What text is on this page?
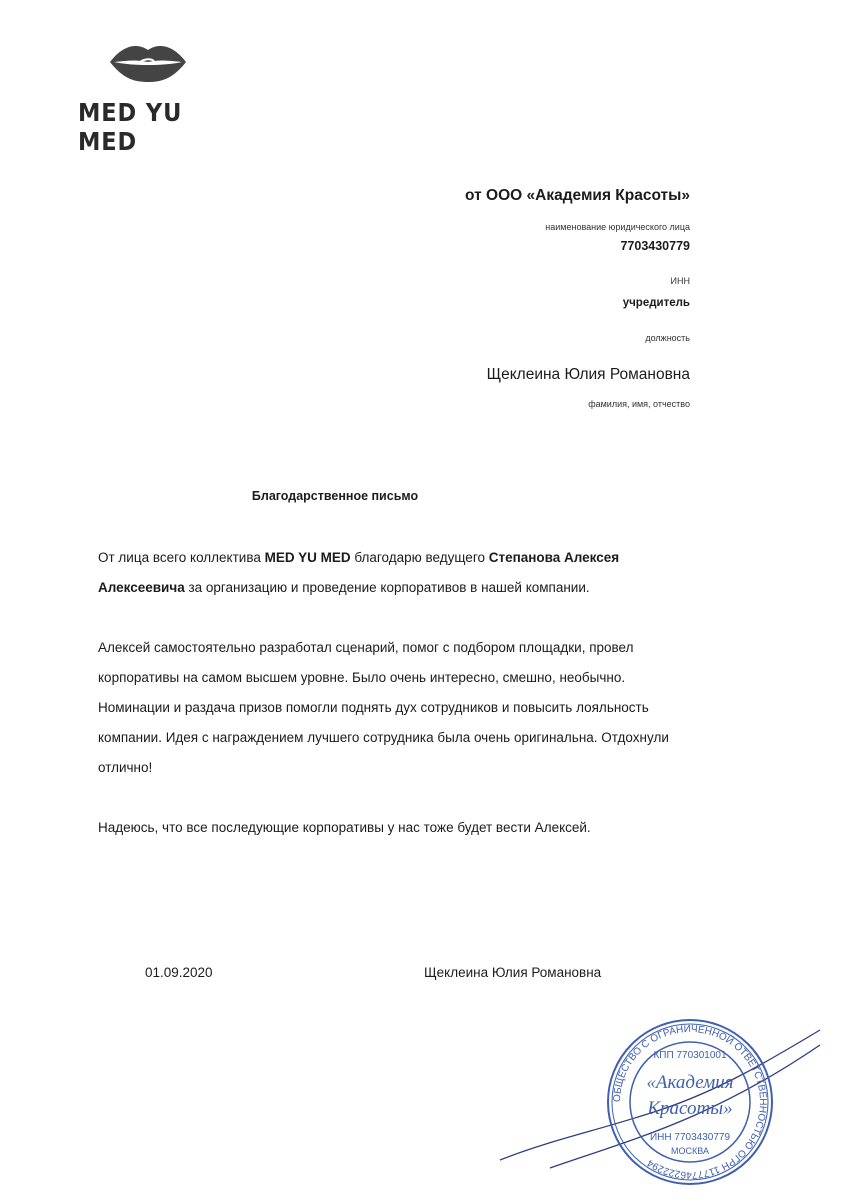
MED YU MED
от ООО «Академия Красоты»
наименование юридического лица
7703430779
ИНН
учредитель
должность
Щеклеина Юлия Романовна
фамилия, имя, отчество
Благодарственное письмо
От лица всего коллектива MED YU MED благодарю ведущего Степанова Алексея Алексеевича за организацию и проведение корпоративов в нашей компании.
Алексей самостоятельно разработал сценарий, помог с подбором площадки, провел корпоративы на самом высшем уровне. Было очень интересно, смешно, необычно. Номинации и раздача призов помогли поднять дух сотрудников и повысить лояльность компании. Идея с награждением лучшего сотрудника была очень оригинальна. Отдохнули отлично!
Надеюсь, что все последующие корпоративы у нас тоже будет вести Алексей.
01.09.2020	Щеклеина Юлия Романовна
ОБЩЕСТВО С ОГРАНИЧЕННОЙ ОТВЕТСТВЕННОСТЬЮ ОГРН 1177746222294
КПП 770301001
«Академия
Красоты»
ИНН 7703430779
МОСКВА
